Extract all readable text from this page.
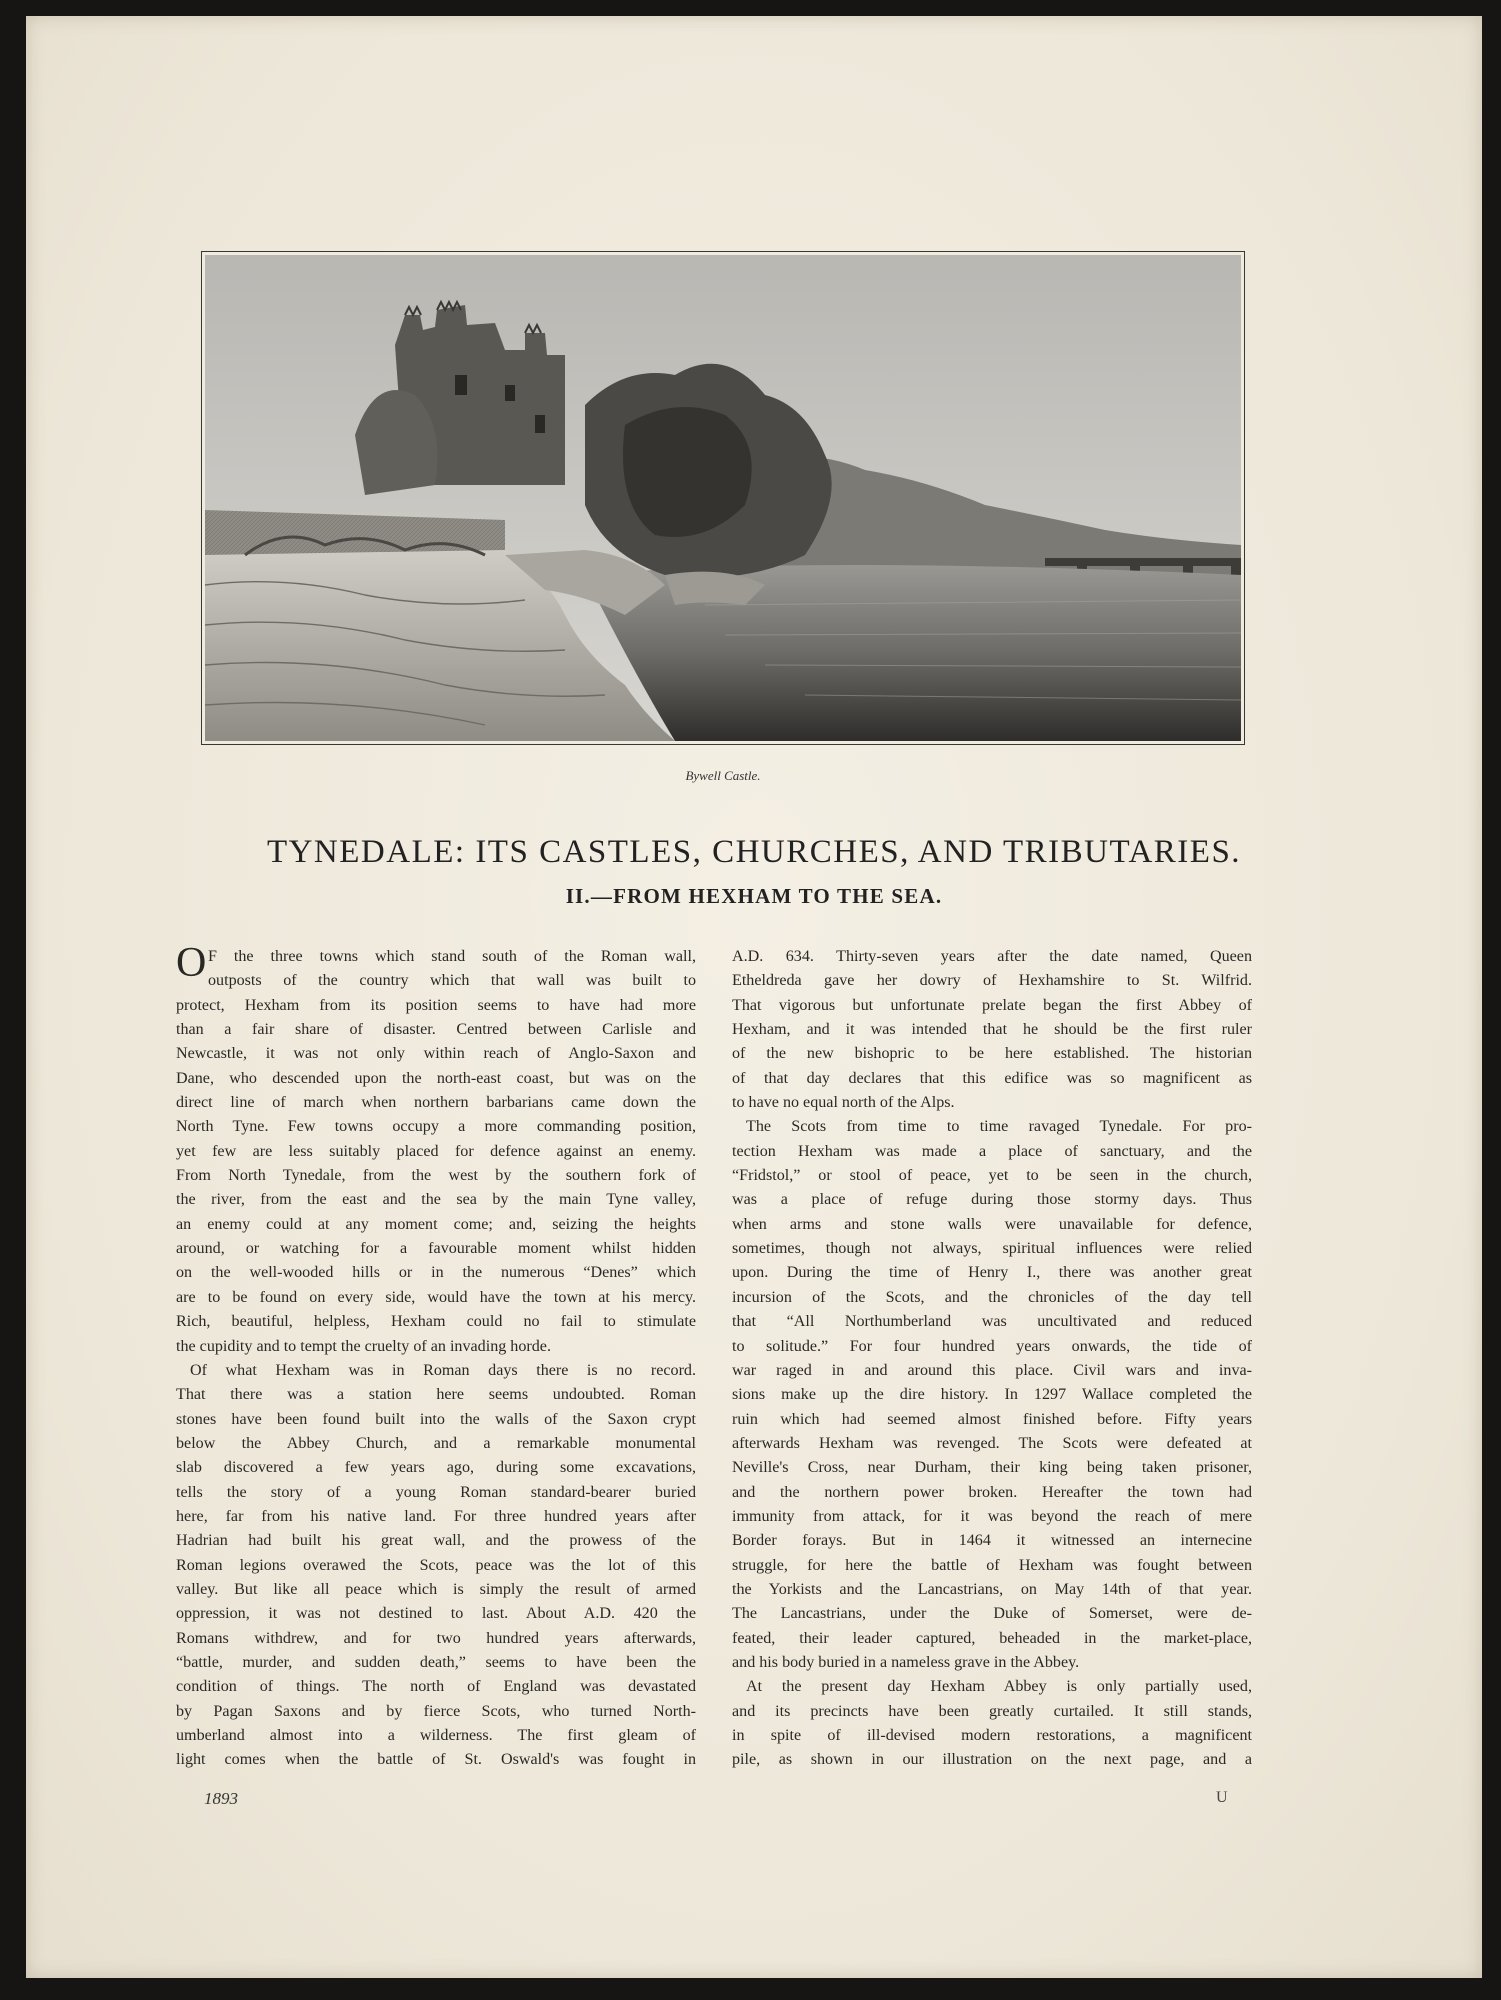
Bywell Castle.
TYNEDALE: ITS CASTLES, CHURCHES, AND TRIBUTARIES.
II.—FROM HEXHAM TO THE SEA.
O F the three towns which stand south of the Roman wall,
outposts of the country which that wall was built to
protect, Hexham from its position seems to have had more
than a fair share of disaster. Centred between Carlisle and
Newcastle, it was not only within reach of Anglo-Saxon and
Dane, who descended upon the north-east coast, but was on the
direct line of march when northern barbarians came down the
North Tyne. Few towns occupy a more commanding position,
yet few are less suitably placed for defence against an enemy.
From North Tynedale, from the west by the southern fork of
the river, from the east and the sea by the main Tyne valley,
an enemy could at any moment come; and, seizing the heights
around, or watching for a favourable moment whilst hidden
on the well-wooded hills or in the numerous “Denes” which
are to be found on every side, would have the town at his mercy.
Rich, beautiful, helpless, Hexham could no fail to stimulate
the cupidity and to tempt the cruelty of an invading horde.
Of what Hexham was in Roman days there is no record.
That there was a station here seems undoubted. Roman
stones have been found built into the walls of the Saxon crypt
below the Abbey Church, and a remarkable monumental
slab discovered a few years ago, during some excavations,
tells the story of a young Roman standard-bearer buried
here, far from his native land. For three hundred years after
Hadrian had built his great wall, and the prowess of the
Roman legions overawed the Scots, peace was the lot of this
valley. But like all peace which is simply the result of armed
oppression, it was not destined to last. About A.D. 420 the
Romans withdrew, and for two hundred years afterwards,
“battle, murder, and sudden death,” seems to have been the
condition of things. The north of England was devastated
by Pagan Saxons and by fierce Scots, who turned North-
umberland almost into a wilderness. The first gleam of
light comes when the battle of St. Oswald's was fought in
A.D. 634. Thirty-seven years after the date named, Queen
Etheldreda gave her dowry of Hexhamshire to St. Wilfrid.
That vigorous but unfortunate prelate began the first Abbey of
Hexham, and it was intended that he should be the first ruler
of the new bishopric to be here established. The historian
of that day declares that this edifice was so magnificent as
to have no equal north of the Alps.
The Scots from time to time ravaged Tynedale. For pro-
tection Hexham was made a place of sanctuary, and the
“Fridstol,” or stool of peace, yet to be seen in the church,
was a place of refuge during those stormy days. Thus
when arms and stone walls were unavailable for defence,
sometimes, though not always, spiritual influences were relied
upon. During the time of Henry I., there was another great
incursion of the Scots, and the chronicles of the day tell
that “All Northumberland was uncultivated and reduced
to solitude.” For four hundred years onwards, the tide of
war raged in and around this place. Civil wars and inva-
sions make up the dire history. In 1297 Wallace completed the
ruin which had seemed almost finished before. Fifty years
afterwards Hexham was revenged. The Scots were defeated at
Neville's Cross, near Durham, their king being taken prisoner,
and the northern power broken. Hereafter the town had
immunity from attack, for it was beyond the reach of mere
Border forays. But in 1464 it witnessed an internecine
struggle, for here the battle of Hexham was fought between
the Yorkists and the Lancastrians, on May 14th of that year.
The Lancastrians, under the Duke of Somerset, were de-
feated, their leader captured, beheaded in the market-place,
and his body buried in a nameless grave in the Abbey.
At the present day Hexham Abbey is only partially used,
and its precincts have been greatly curtailed. It still stands,
in spite of ill-devised modern restorations, a magnificent
pile, as shown in our illustration on the next page, and a
1893	U
